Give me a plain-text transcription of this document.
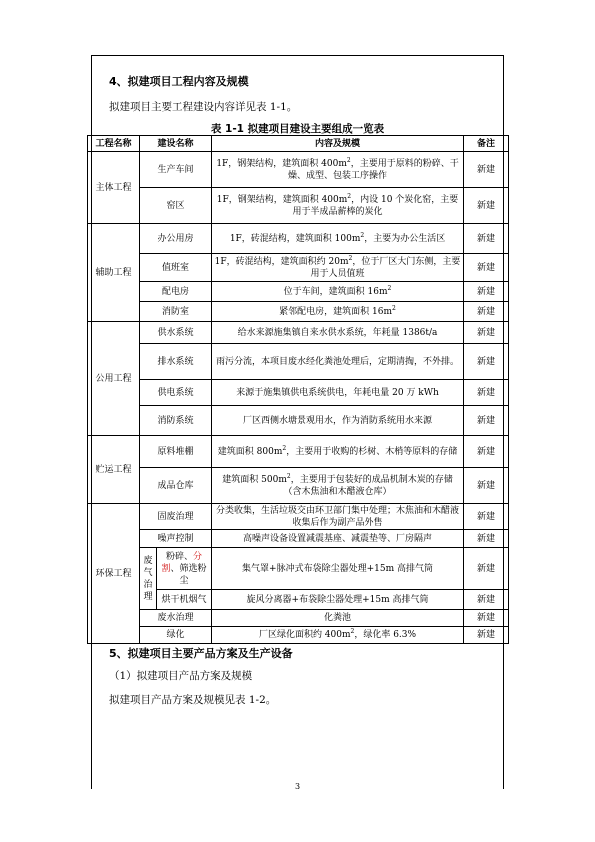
4、拟建项目工程内容及规模
拟建项目主要工程建设内容详见表 1-1。
表 1-1 拟建项目建设主要组成一览表
工程名称	建设名称		内容及规模	备注
主体工程	生产车间		1F，钢架结构，建筑面积 $400m^2$，主要用于原料的粉碎、干燥、成型、包装工序操作	新建
	窑区		1F，钢架结构，建筑面积 $400m^2$，内设 10 个炭化窑，主要用于半成品薪棒的炭化	新建
辅助工程	办公用房		1F，砖混结构，建筑面积 $100m^2$，主要为办公生活区	新建
	值班室		1F，砖混结构，建筑面积约 $20m^2$，位于厂区大门东侧，主要用于人员值班	新建
	配电房		位于车间，建筑面积 $16m^2$	新建
	消防室		紧邻配电房，建筑面积 $16m^2$	新建
公用工程	供水系统		给水来源施集镇自来水供水系统，年耗量 1386t/a	新建
	排水系统		雨污分流，本项目废水经化粪池处理后，定期清掏，不外排。	新建
	供电系统		来源于施集镇供电系统供电，年耗电量 20 万 kWh	新建
	消防系统		厂区西侧水塘景观用水，作为消防系统用水来源	新建
贮运工程	原料堆棚		建筑面积 $800m^2$，主要用于收购的杉树、木梢等原料的存储	新建
	成品仓库		建筑面积 $500m^2$，主要用于包装好的成品机制木炭的存储（含木焦油和木醋液仓库）	新建
环保工程	固废治理		分类收集，生活垃圾交由环卫部门集中处理；木焦油和木醋液收集后作为副产品外售	新建
	噪声控制		高噪声设备设置减震基座、减震垫等、厂房隔声	新建
	废气治理	粉碎、分割、筛选粉尘	集气罩+脉冲式布袋除尘器处理+15m 高排气筒	新建
		烘干机烟气	旋风分离器+布袋除尘器处理+15m 高排气筒	新建
	废水治理		化粪池	新建
	绿化		厂区绿化面积约 $400m^2$，绿化率 6.3%	新建
5、拟建项目主要产品方案及生产设备
（1）拟建项目产品方案及规模
拟建项目产品方案及规模见表 1-2。
3
